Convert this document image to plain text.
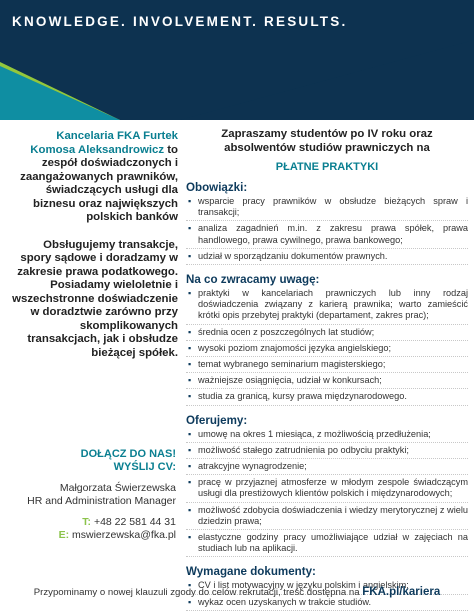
KNOWLEDGE. INVOLVEMENT. RESULTS.

Kancelaria FKA Furtek Komosa Aleksandrowicz to zespół doświadczonych i zaangażowanych prawników, świadczących usługi dla biznesu oraz największych polskich banków

Obsługujemy transakcje, spory sądowe i doradzamy w zakresie prawa podatkowego. Posiadamy wieloletnie i wszechstronne doświadczenie w doradztwie zarówno przy skomplikowanych transakcjach, jak i obsłudze bieżącej spółek.

DOŁĄCZ DO NAS!
WYŚLIJ CV:
Małgorzata Świerzewska
HR and Administration Manager
T: +48 22 581 44 31
E: mswierzewska@fka.pl

Zapraszamy studentów po IV roku oraz absolwentów studiów prawniczych na

PŁATNE PRAKTYKI
Obowiązki:
▪ wsparcie pracy prawników w obsłudze bieżących spraw i transakcji;
▪ analiza zagadnień m.in. z zakresu prawa spółek, prawa handlowego, prawa cywilnego, prawa bankowego;
▪ udział w sporządzaniu dokumentów prawnych.
Na co zwracamy uwagę:
▪ praktyki w kancelariach prawniczych lub inny rodzaj doświadczenia związany z karierą prawnika; warto zamieścić krótki opis przebytej praktyki (departament, zakres prac);
▪ średnia ocen z poszczególnych lat studiów;
▪ wysoki poziom znajomości języka angielskiego;
▪ temat wybranego seminarium magisterskiego;
▪ ważniejsze osiągnięcia, udział w konkursach;
▪ studia za granicą, kursy prawa międzynarodowego.
Oferujemy:
▪ umowę na okres 1 miesiąca, z możliwością przedłużenia;
▪ możliwość stałego zatrudnienia po odbyciu praktyki;
▪ atrakcyjne wynagrodzenie;
▪ pracę w przyjaznej atmosferze w młodym zespole świadczącym usługi dla prestiżowych klientów polskich i międzynarodowych;
▪ możliwość zdobycia doświadczenia i wiedzy merytorycznej z wielu dziedzin prawa;
▪ elastyczne godziny pracy umożliwiające udział w zajęciach na studiach lub na aplikacji.
Wymagane dokumenty:
▪ CV i list motywacyjny w języku polskim i angielskim;
▪ wykaz ocen uzyskanych w trakcie studiów.
Przypominamy o nowej klauzuli zgody do celów rekrutacji, treść dostępna na FKA.pl/kariera
